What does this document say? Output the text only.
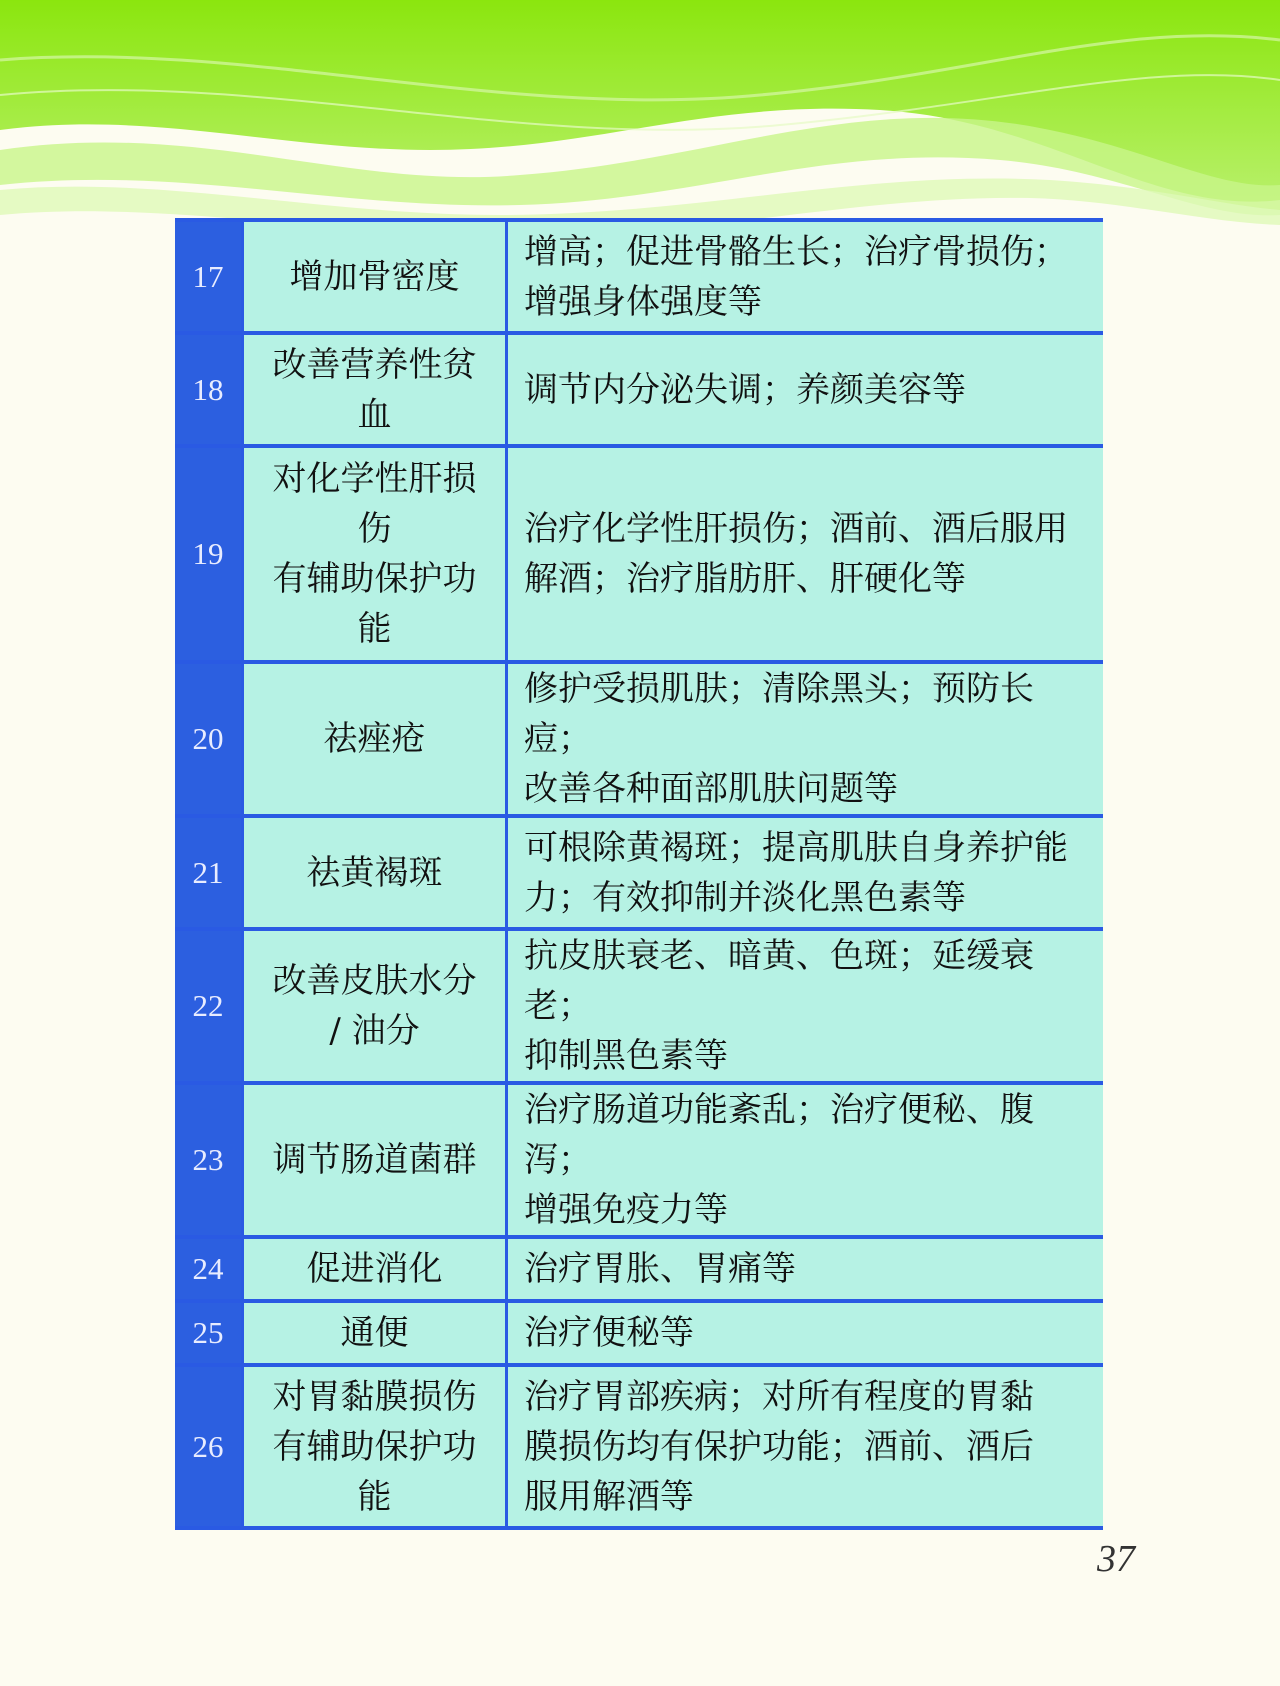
17	增加骨密度	增高；促进骨骼生长；治疗骨损伤；
增强身体强度等

18	改善营养性贫
血	调节内分泌失调；养颜美容等

19	对化学性肝损
伤
有辅助保护功
能	治疗化学性肝损伤；酒前、酒后服用
解酒；治疗脂肪肝、肝硬化等

20	祛痤疮	修护受损肌肤；清除黑头；预防长痘；
改善各种面部肌肤问题等

21	祛黄褐斑	可根除黄褐斑；提高肌肤自身养护能
力；有效抑制并淡化黑色素等

22	改善皮肤水分
/ 油分	抗皮肤衰老、暗黄、色斑；延缓衰老；
抑制黑色素等

23	调节肠道菌群	治疗肠道功能紊乱；治疗便秘、腹泻；
增强免疫力等

24	促进消化	治疗胃胀、胃痛等

25	通便	治疗便秘等

26	对胃黏膜损伤
有辅助保护功
能	治疗胃部疾病；对所有程度的胃黏
膜损伤均有保护功能；酒前、酒后
服用解酒等
37
